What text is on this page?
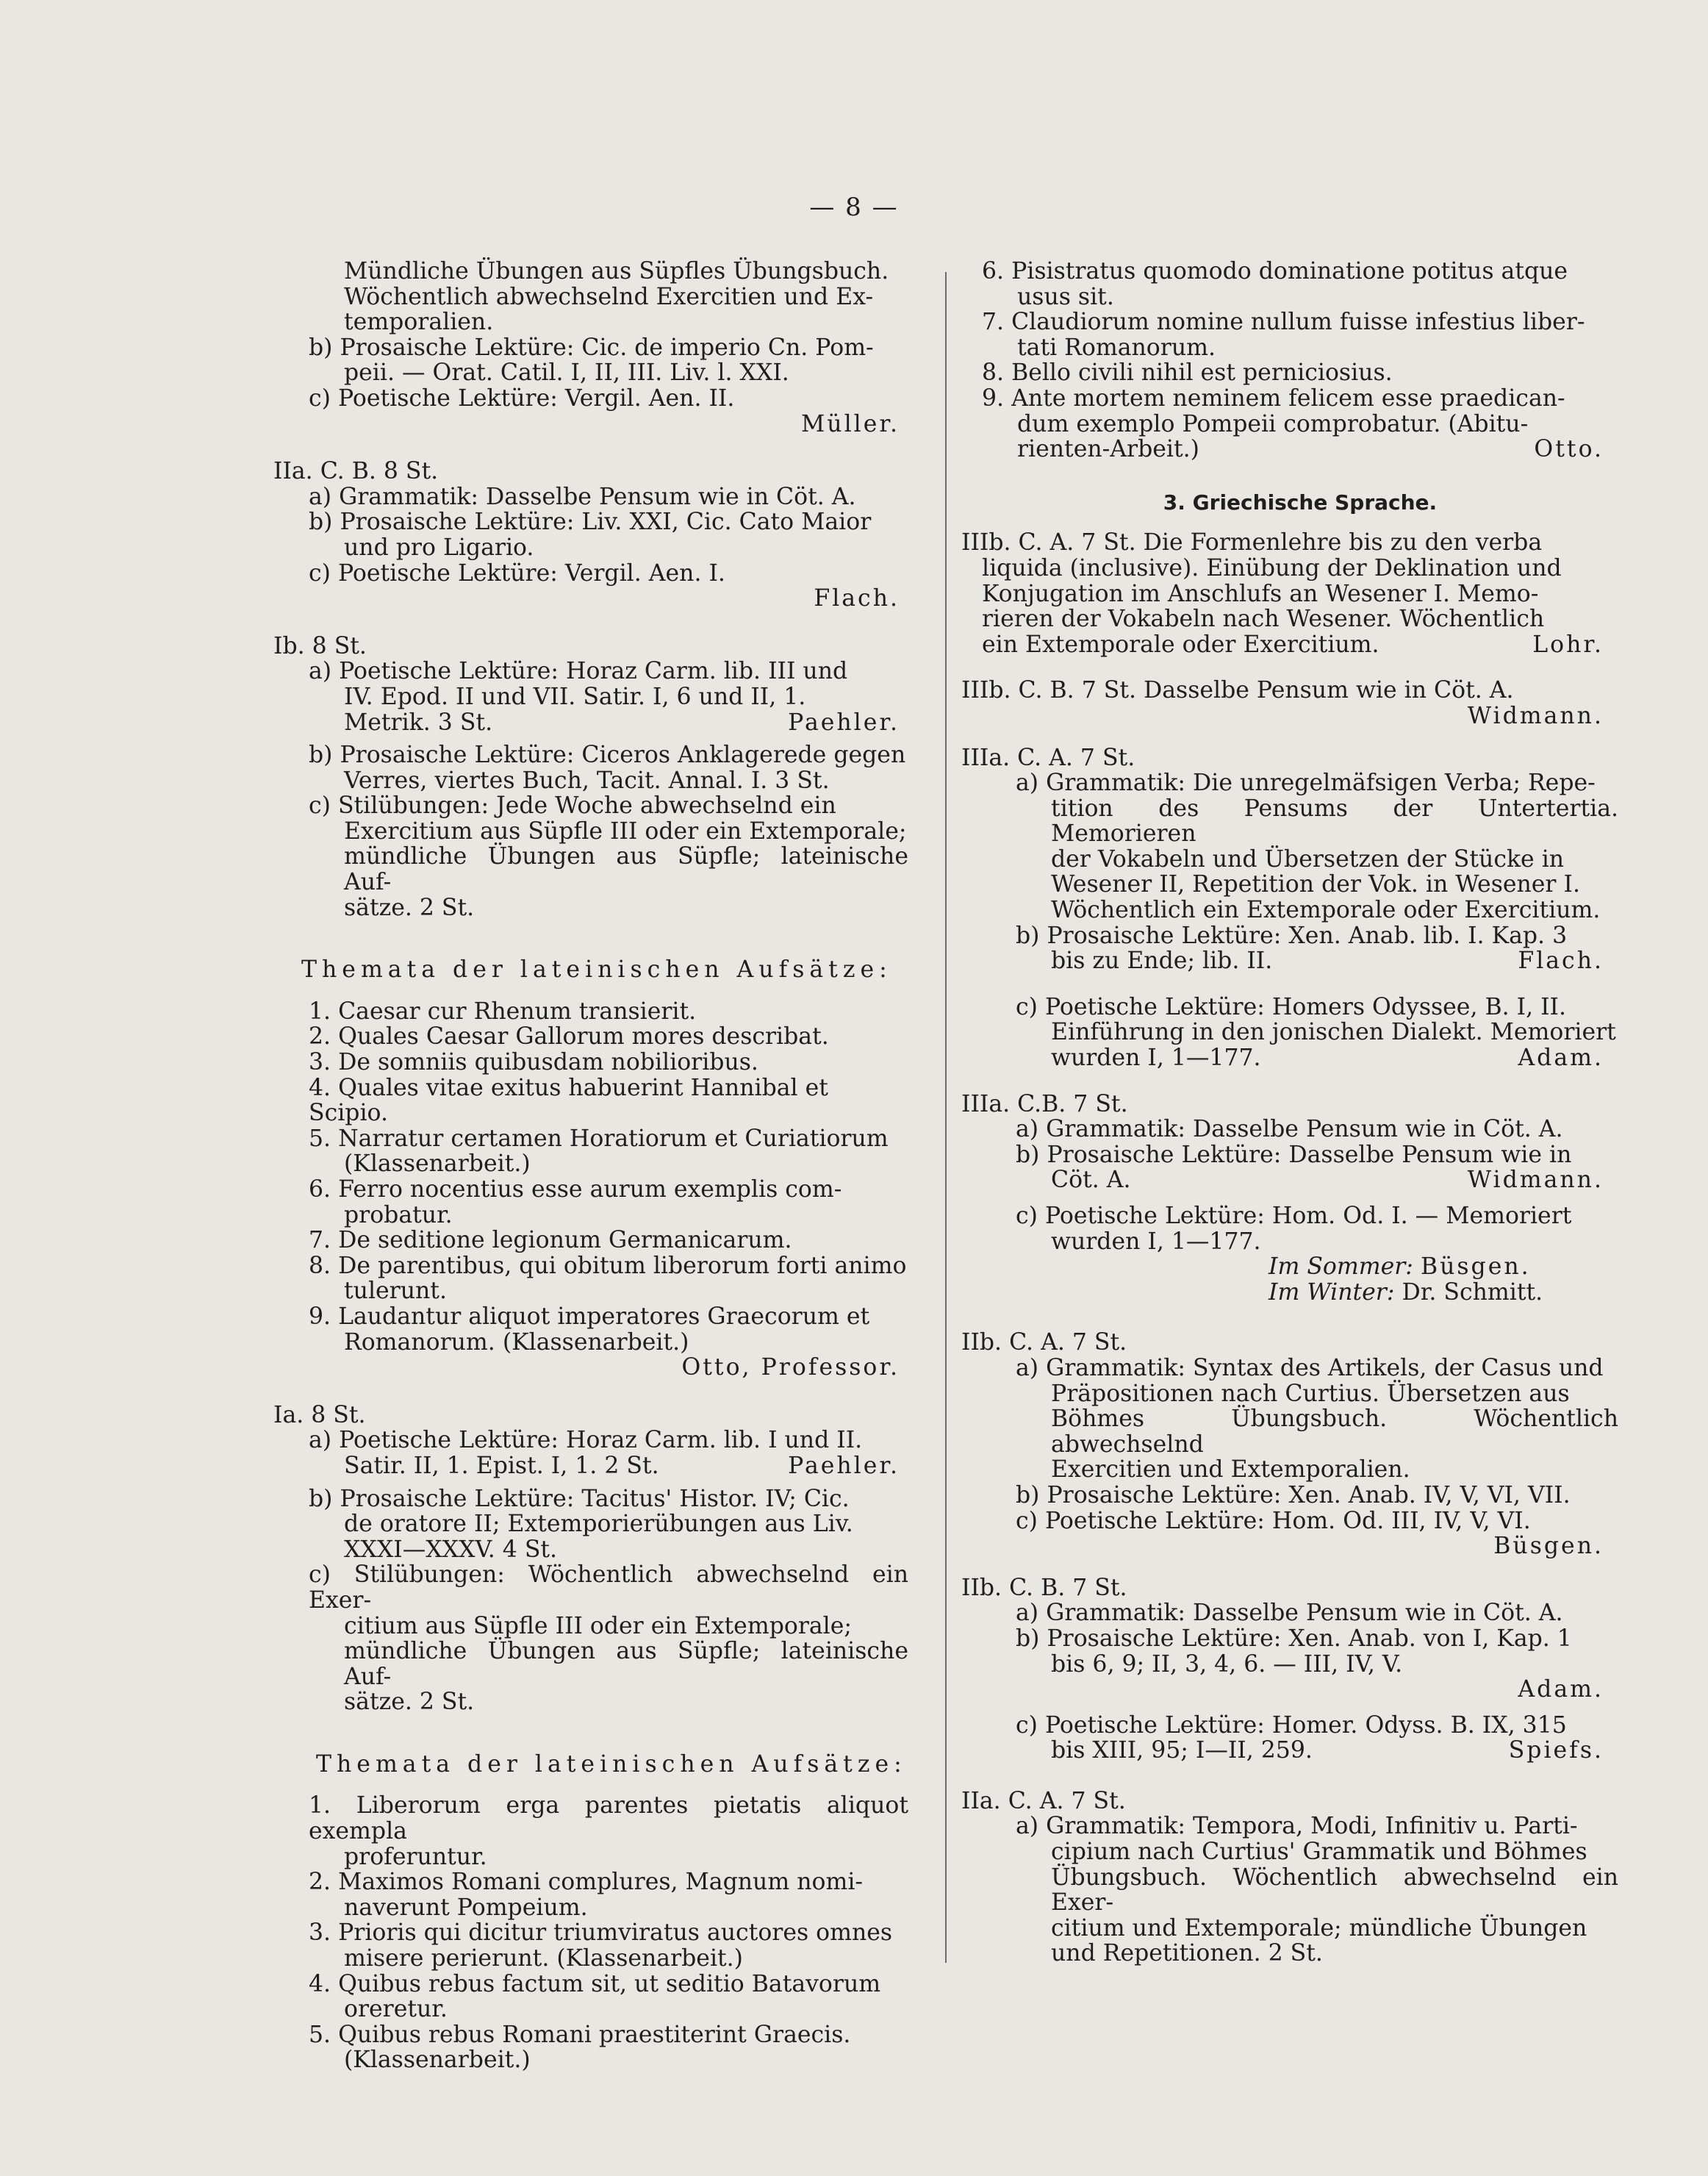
— 8 —

Mündliche Übungen aus Süpfles Übungsbuch.

Wöchentlich abwechselnd Exercitien und Ex-

temporalien.

b) Prosaische Lektüre: Cic. de imperio Cn. Pom-

peii. — Orat. Catil. I, II, III. Liv. l. XXI.

c) Poetische Lektüre: Vergil. Aen. II.

Müller.

IIa. C. B. 8 St.

a) Grammatik: Dasselbe Pensum wie in Cöt. A.

b) Prosaische Lektüre: Liv. XXI, Cic. Cato Maior

und pro Ligario.

c) Poetische Lektüre: Vergil. Aen. I.

Flach.

Ib. 8 St.

a) Poetische Lektüre: Horaz Carm. lib. III und

IV. Epod. II und VII. Satir. I, 6 und II, 1.

Metrik. 3 St.	Paehler.

b) Prosaische Lektüre: Ciceros Anklagerede gegen

Verres, viertes Buch, Tacit. Annal. I. 3 St.

c) Stilübungen: Jede Woche abwechselnd ein

Exercitium aus Süpfle III oder ein Extemporale;

mündliche Übungen aus Süpfle; lateinische Auf-

sätze. 2 St.

Themata der lateinischen Aufsätze:

1. Caesar cur Rhenum transierit.

2. Quales Caesar Gallorum mores describat.

3. De somniis quibusdam nobilioribus.

4. Quales vitae exitus habuerint Hannibal et Scipio.

5. Narratur certamen Horatiorum et Curiatiorum

(Klassenarbeit.)

6. Ferro nocentius esse aurum exemplis com-

probatur.

7. De seditione legionum Germanicarum.

8. De parentibus, qui obitum liberorum forti animo

tulerunt.

9. Laudantur aliquot imperatores Graecorum et

Romanorum. (Klassenarbeit.)

Otto, Professor.

Ia. 8 St.

a) Poetische Lektüre: Horaz Carm. lib. I und II.

Satir. II, 1. Epist. I, 1. 2 St.	Paehler.

b) Prosaische Lektüre: Tacitus' Histor. IV; Cic.

de oratore II; Extemporierübungen aus Liv.

XXXI—XXXV. 4 St.

c) Stilübungen: Wöchentlich abwechselnd ein Exer-

citium aus Süpfle III oder ein Extemporale;

mündliche Übungen aus Süpfle; lateinische Auf-

sätze. 2 St.

Themata der lateinischen Aufsätze:

1. Liberorum erga parentes pietatis aliquot exempla

proferuntur.

2. Maximos Romani complures, Magnum nomi-

naverunt Pompeium.

3. Prioris qui dicitur triumviratus auctores omnes

misere perierunt. (Klassenarbeit.)

4. Quibus rebus factum sit, ut seditio Batavorum

oreretur.

5. Quibus rebus Romani praestiterint Graecis.

(Klassenarbeit.)

6. Pisistratus quomodo dominatione potitus atque

usus sit.

7. Claudiorum nomine nullum fuisse infestius liber-

tati Romanorum.

8. Bello civili nihil est perniciosius.

9. Ante mortem neminem felicem esse praedican-

dum exemplo Pompeii comprobatur. (Abitu-

rienten-Arbeit.)	Otto.

3. Griechische Sprache.

IIIb. C. A. 7 St. Die Formenlehre bis zu den verba

liquida (inclusive). Einübung der Deklination und

Konjugation im Anschlufs an Wesener I. Memo-

rieren der Vokabeln nach Wesener. Wöchentlich

ein Extemporale oder Exercitium.	Lohr.

IIIb. C. B. 7 St. Dasselbe Pensum wie in Cöt. A.

Widmann.

IIIa. C. A. 7 St.

a) Grammatik: Die unregelmäfsigen Verba; Repe-

tition des Pensums der Untertertia. Memorieren

der Vokabeln und Übersetzen der Stücke in

Wesener II, Repetition der Vok. in Wesener I.

Wöchentlich ein Extemporale oder Exercitium.

b) Prosaische Lektüre: Xen. Anab. lib. I. Kap. 3

bis zu Ende; lib. II.	Flach.

c) Poetische Lektüre: Homers Odyssee, B. I, II.

Einführung in den jonischen Dialekt. Memoriert

wurden I, 1—177.	Adam.

IIIa. C.B. 7 St.

a) Grammatik: Dasselbe Pensum wie in Cöt. A.

b) Prosaische Lektüre: Dasselbe Pensum wie in

Cöt. A.	Widmann.

c) Poetische Lektüre: Hom. Od. I. — Memoriert

wurden I, 1—177.

Im Sommer: Büsgen.

Im Winter: Dr. Schmitt.

IIb. C. A. 7 St.

a) Grammatik: Syntax des Artikels, der Casus und

Präpositionen nach Curtius. Übersetzen aus

Böhmes Übungsbuch. Wöchentlich abwechselnd

Exercitien und Extemporalien.

b) Prosaische Lektüre: Xen. Anab. IV, V, VI, VII.

c) Poetische Lektüre: Hom. Od. III, IV, V, VI.

Büsgen.

IIb. C. B. 7 St.

a) Grammatik: Dasselbe Pensum wie in Cöt. A.

b) Prosaische Lektüre: Xen. Anab. von I, Kap. 1

bis 6, 9; II, 3, 4, 6. — III, IV, V.

Adam.

c) Poetische Lektüre: Homer. Odyss. B. IX, 315

bis XIII, 95; I—II, 259.	Spiefs.

IIa. C. A. 7 St.

a) Grammatik: Tempora, Modi, Infinitiv u. Parti-

cipium nach Curtius' Grammatik und Böhmes

Übungsbuch. Wöchentlich abwechselnd ein Exer-

citium und Extemporale; mündliche Übungen

und Repetitionen. 2 St.
